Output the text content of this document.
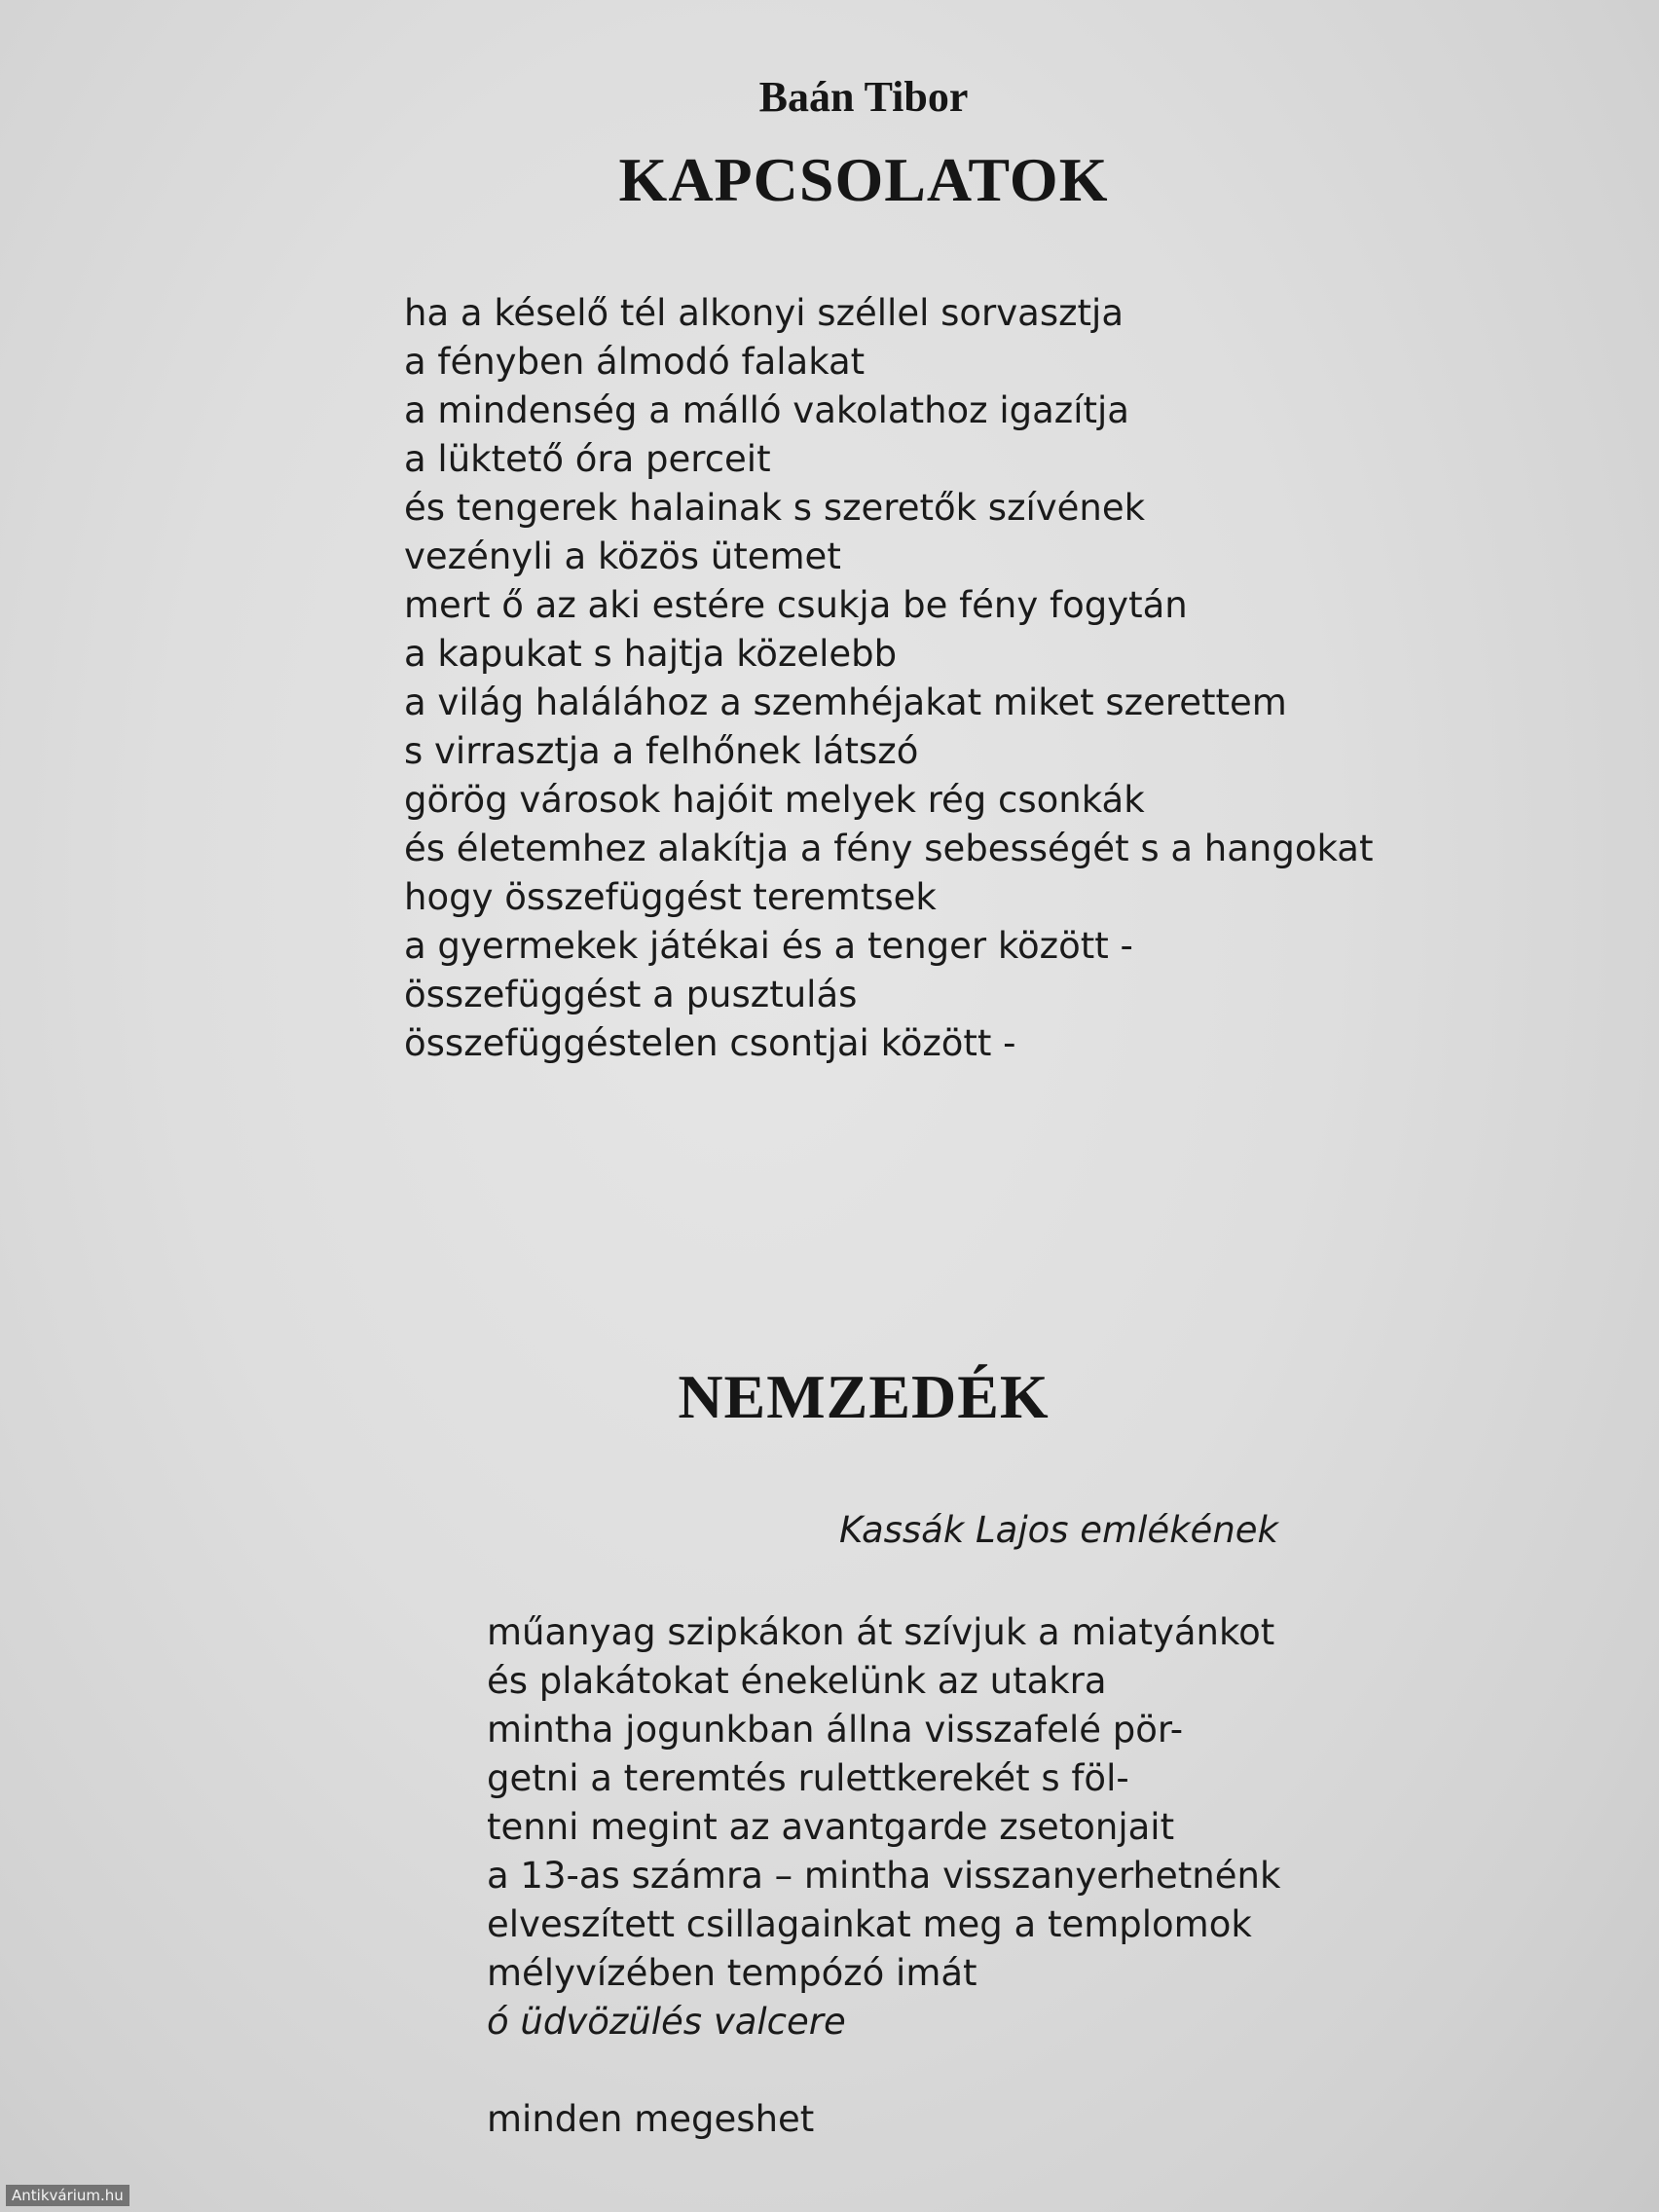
Baán Tibor
KAPCSOLATOK
ha a késelő tél alkonyi széllel sorvasztja
a fényben álmodó falakat
a mindenség a málló vakolathoz igazítja
a lüktető óra perceit
és tengerek halainak s szeretők szívének
vezényli a közös ütemet
mert ő az aki estére csukja be fény fogytán
a kapukat s hajtja közelebb
a világ halálához a szemhéjakat miket szerettem
s virrasztja a felhőnek látszó
görög városok hajóit melyek rég csonkák
és életemhez alakítja a fény sebességét s a hangokat
hogy összefüggést teremtsek
a gyermekek játékai és a tenger között -
összefüggést a pusztulás
összefüggéstelen csontjai között -
NEMZEDÉK
Kassák Lajos emlékének
műanyag szipkákon át szívjuk a miatyánkot
és plakátokat énekelünk az utakra
mintha jogunkban állna visszafelé pör-
getni a teremtés rulettkerekét s föl-
tenni megint az avantgarde zsetonjait
a 13-as számra – mintha visszanyerhetnénk
elveszített csillagainkat meg a templomok
mélyvízében tempózó imát
ó üdvözülés valcere
minden megeshet
Antikvárium.hu
